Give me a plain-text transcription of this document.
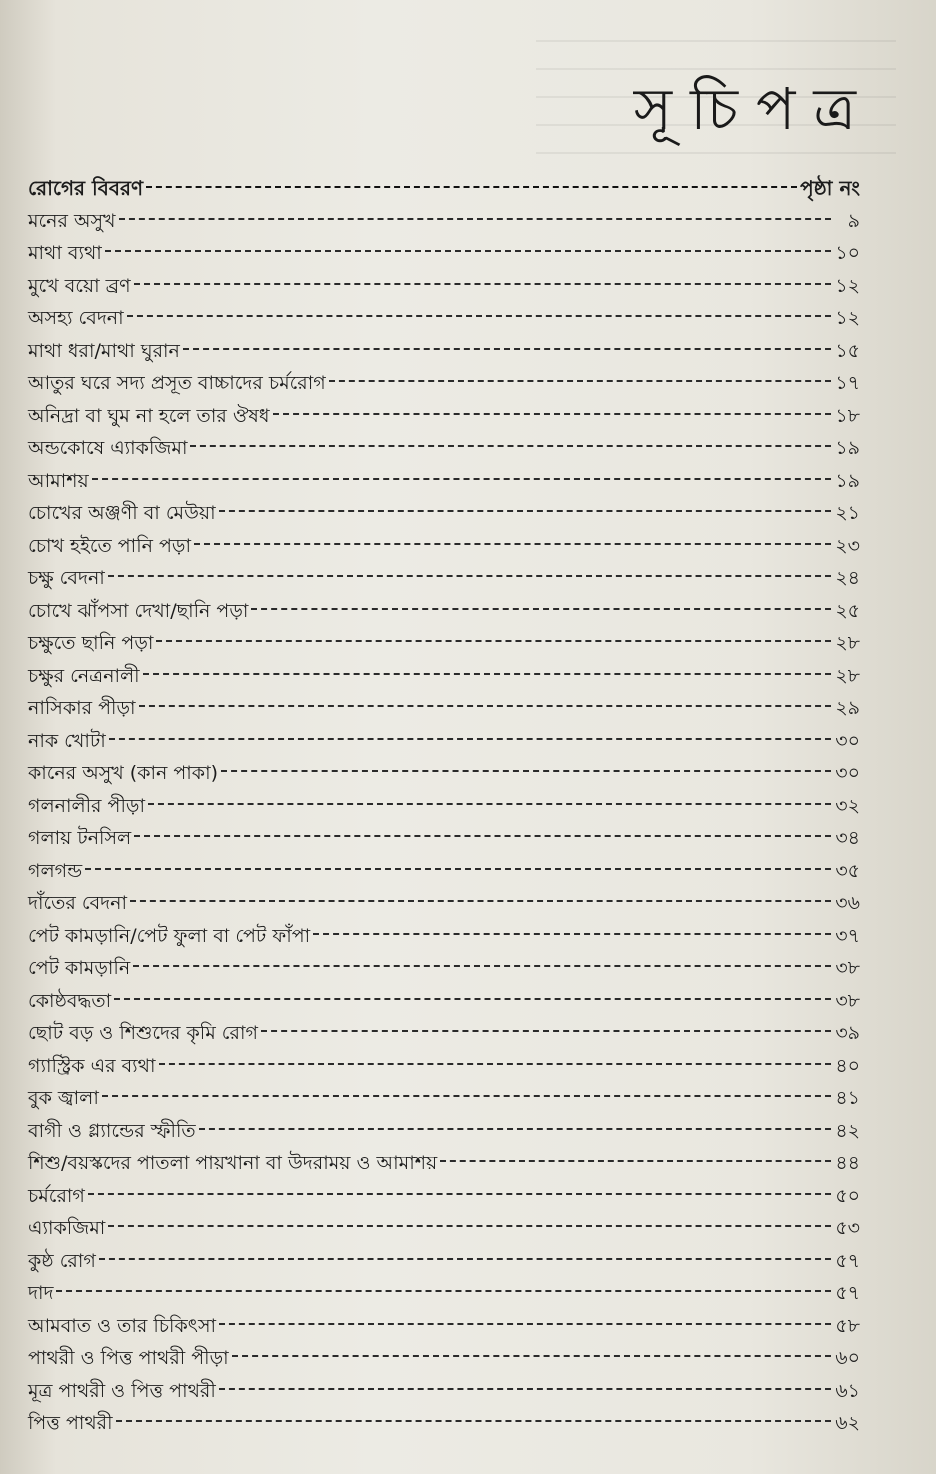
সূচিপত্র
রোগের বিবরণ	পৃষ্ঠা নং
মনের অসুখ	৯
মাথা ব্যথা	১০
মুখে বয়ো ব্রণ	১২
অসহ্য বেদনা	১২
মাথা ধরা/মাথা ঘুরান	১৫
আতুর ঘরে সদ্য প্রসূত বাচ্চাদের চর্মরোগ	১৭
অনিদ্রা বা ঘুম না হলে তার ঔষধ	১৮
অন্ডকোষে এ্যাকজিমা	১৯
আমাশয়	১৯
চোখের অঞ্জণী বা মেউয়া	২১
চোখ হইতে পানি পড়া	২৩
চক্ষু বেদনা	২৪
চোখে ঝাঁপসা দেখা/ছানি পড়া	২৫
চক্ষুতে ছানি পড়া	২৮
চক্ষুর নেত্রনালী	২৮
নাসিকার পীড়া	২৯
নাক খোটা	৩০
কানের অসুখ (কান পাকা)	৩০
গলনালীর পীড়া	৩২
গলায় টনসিল	৩৪
গলগন্ড	৩৫
দাঁতের বেদনা	৩৬
পেট কামড়ানি/পেট ফুলা বা পেট ফাঁপা	৩৭
পেট কামড়ানি	৩৮
কোষ্ঠবদ্ধতা	৩৮
ছোট বড় ও শিশুদের কৃমি রোগ	৩৯
গ্যাস্ট্রিক এর ব্যথা	৪০
বুক জ্বালা	৪১
বাগী ও গ্ল্যান্ডের স্ফীতি	৪২
শিশু/বয়স্কদের পাতলা পায়খানা বা উদরাময় ও আমাশয়	৪৪
চর্মরোগ	৫০
এ্যাকজিমা	৫৩
কুষ্ঠ রোগ	৫৭
দাদ	৫৭
আমবাত ও তার চিকিৎসা	৫৮
পাথরী ও পিত্ত পাথরী পীড়া	৬০
মূত্র পাথরী ও পিত্ত পাথরী	৬১
পিত্ত পাথরী	৬২
